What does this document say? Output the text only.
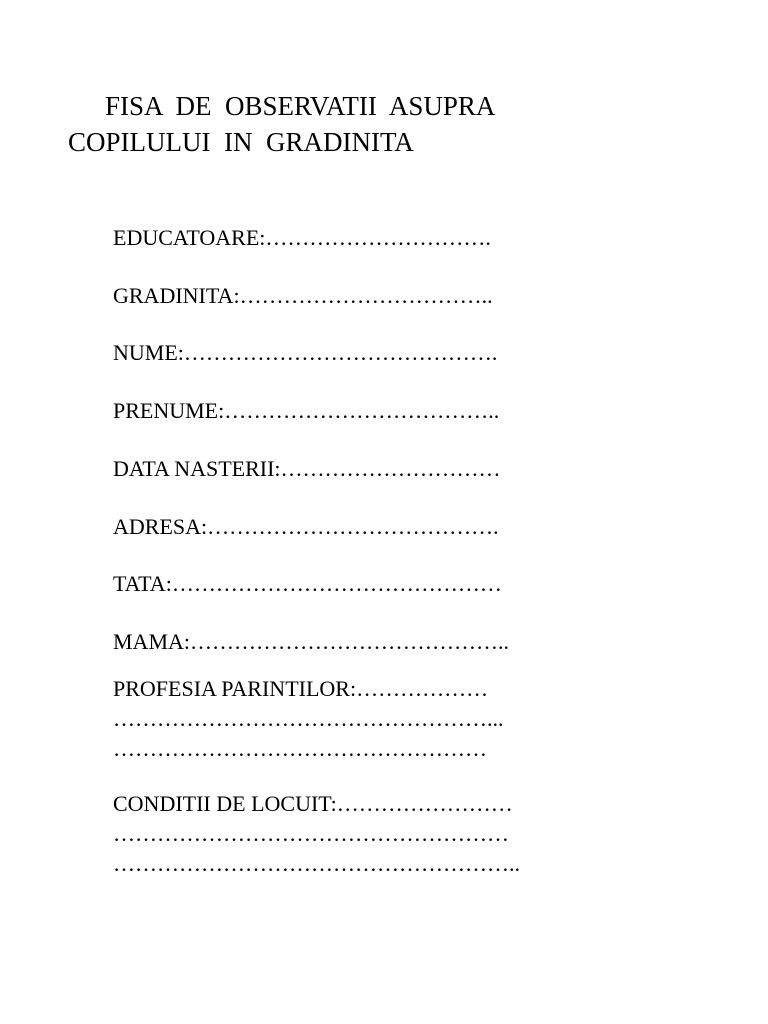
FISA  DE  OBSERVATII  ASUPRA
COPILULUI  IN  GRADINITA
EDUCATOARE:………………………….
GRADINITA:……………………………..
NUME:…………………………………….
PRENUME:………………………………..
DATA NASTERII:…………………………
ADRESA:………………………………….
TATA:………………………………………
MAMA:……………………………………..
PROFESIA PARINTILOR:………………
……………………………………………...
……………………………………………
CONDITII DE LOCUIT:……………………
………………………………………………
………………………………………………..
